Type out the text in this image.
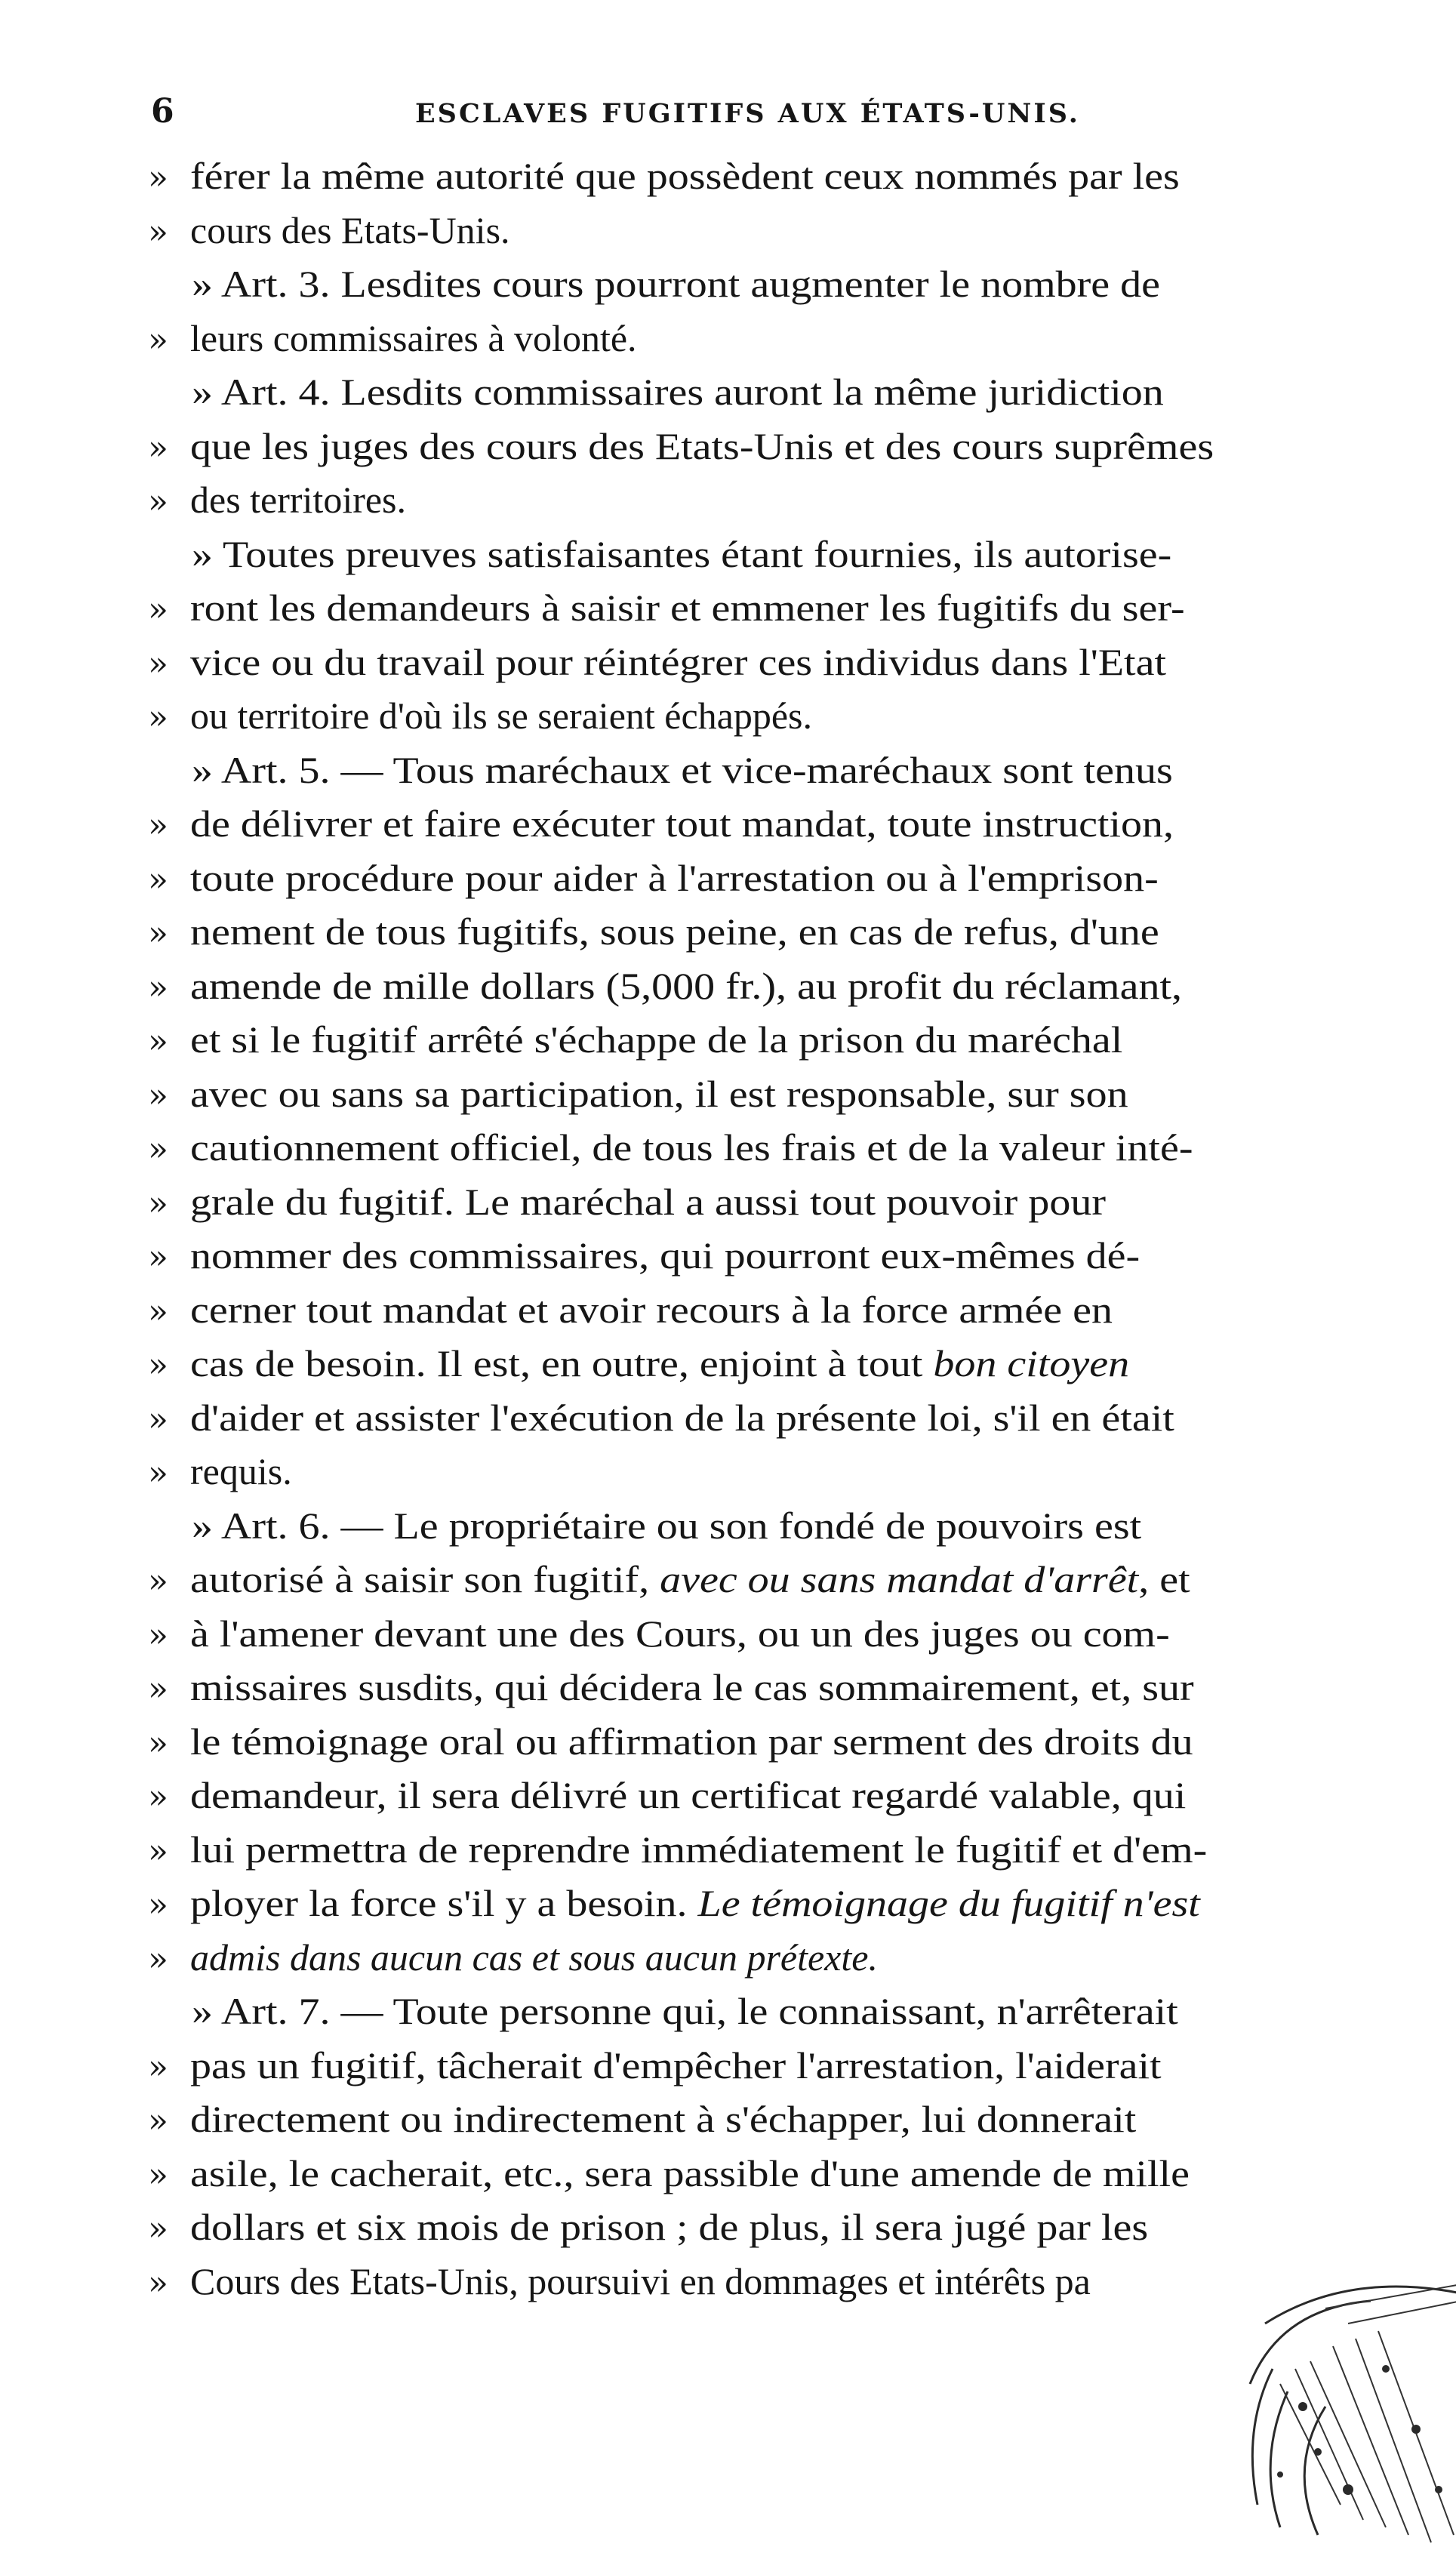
6	ESCLAVES FUGITIFS AUX ÉTATS-UNIS.
» férer la même autorité que possèdent ceux nommés par les
» cours des Etats-Unis.
» Art. 3. Lesdites cours pourront augmenter le nombre de
» leurs commissaires à volonté.
» Art. 4. Lesdits commissaires auront la même juridiction
» que les juges des cours des Etats-Unis et des cours suprêmes
» des territoires.
» Toutes preuves satisfaisantes étant fournies, ils autorise-
» ront les demandeurs à saisir et emmener les fugitifs du ser-
» vice ou du travail pour réintégrer ces individus dans l'Etat
» ou territoire d'où ils se seraient échappés.
» Art. 5. — Tous maréchaux et vice-maréchaux sont tenus
» de délivrer et faire exécuter tout mandat, toute instruction,
» toute procédure pour aider à l'arrestation ou à l'emprison-
» nement de tous fugitifs, sous peine, en cas de refus, d'une
» amende de mille dollars (5,000 fr.), au profit du réclamant,
» et si le fugitif arrêté s'échappe de la prison du maréchal
» avec ou sans sa participation, il est responsable, sur son
» cautionnement officiel, de tous les frais et de la valeur inté-
» grale du fugitif. Le maréchal a aussi tout pouvoir pour
» nommer des commissaires, qui pourront eux-mêmes dé-
» cerner tout mandat et avoir recours à la force armée en
» cas de besoin. Il est, en outre, enjoint à tout bon citoyen
» d'aider et assister l'exécution de la présente loi, s'il en était
» requis.
» Art. 6. — Le propriétaire ou son fondé de pouvoirs est
» autorisé à saisir son fugitif, avec ou sans mandat d'arrêt, et
» à l'amener devant une des Cours, ou un des juges ou com-
» missaires susdits, qui décidera le cas sommairement, et, sur
» le témoignage oral ou affirmation par serment des droits du
» demandeur, il sera délivré un certificat regardé valable, qui
» lui permettra de reprendre immédiatement le fugitif et d'em-
» ployer la force s'il y a besoin. Le témoignage du fugitif n'est
» admis dans aucun cas et sous aucun prétexte.
» Art. 7. — Toute personne qui, le connaissant, n'arrêterait
» pas un fugitif, tâcherait d'empêcher l'arrestation, l'aiderait
» directement ou indirectement à s'échapper, lui donnerait
» asile, le cacherait, etc., sera passible d'une amende de mille
» dollars et six mois de prison ; de plus, il sera jugé par les
» Cours des Etats-Unis, poursuivi en dommages et intérêts pa
